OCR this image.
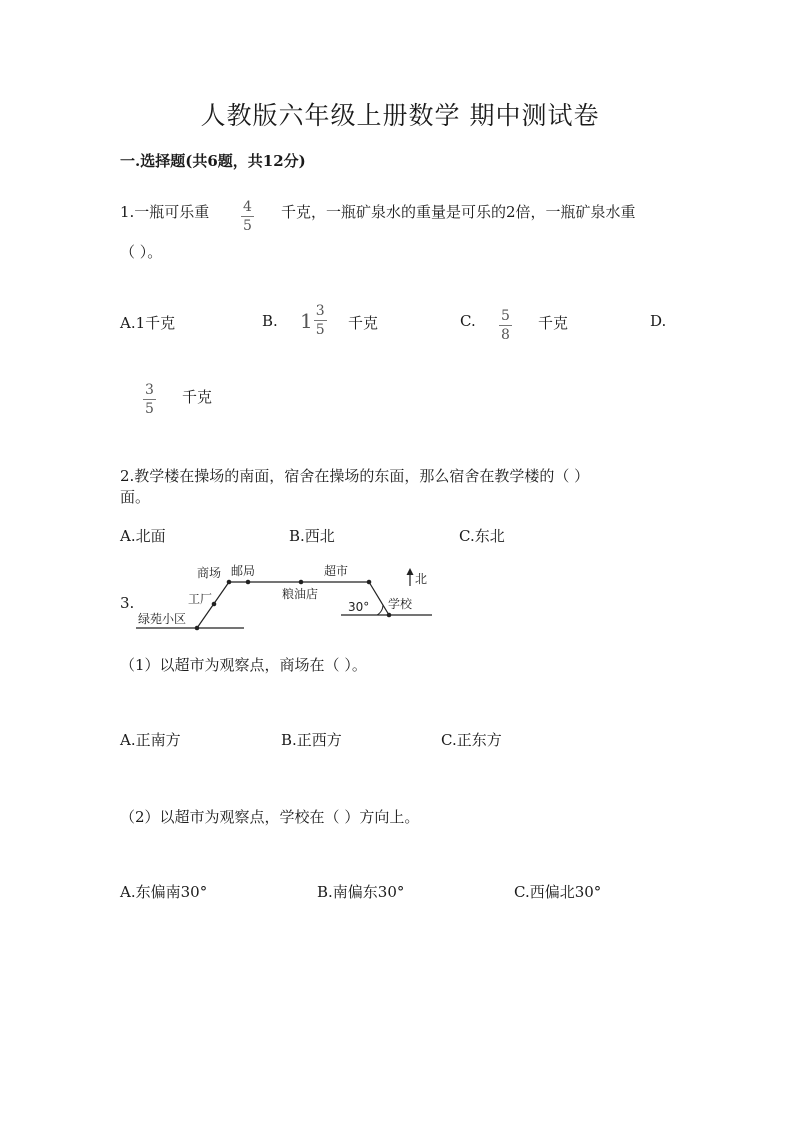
人教版六年级上册数学 期中测试卷
一.选择题(共6题，共12分)
1.一瓶可乐重 $\frac{4}{5}$ 千克，一瓶矿泉水的重量是可乐的2倍，一瓶矿泉水重
（ ）。
A.1千克	B. $1 \frac{3}{5}$ 千克	C. $\frac{5}{8}$ 千克	D.
$\frac{3}{5}$ 千克
2.教学楼在操场的南面，宿舍在操场的东面，那么宿舍在教学楼的（ ）
面。
A.北面	B.西北	C.东北
3.
商场 邮局	超市
工厂	粮油店
30° 学校
绿苑小区
北
（1）以超市为观察点，商场在（ ）。
A.正南方	B.正西方	C.正东方
（2）以超市为观察点，学校在（ ）方向上。
A.东偏南30°	B.南偏东30°	C.西偏北30°
